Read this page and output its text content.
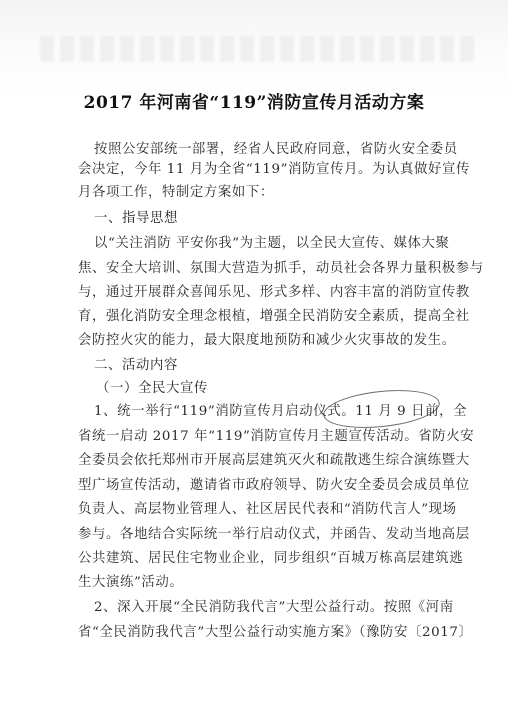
2017 年河南省“119”消防宣传月活动方案
按照公安部统一部署，经省人民政府同意，省防火安全委员
会决定，今年 11 月为全省“119”消防宣传月。为认真做好宣传
月各项工作，特制定方案如下：
一、指导思想
以“关注消防 平安你我”为主题，以全民大宣传、媒体大聚
焦、安全大培训、氛围大营造为抓手，动员社会各界力量积极参与
与，通过开展群众喜闻乐见、形式多样、内容丰富的消防宣传教
育，强化消防安全理念根植，增强全民消防安全素质，提高全社
会防控火灾的能力，最大限度地预防和减少火灾事故的发生。
二、活动内容
（一）全民大宣传
1、统一举行“119”消防宣传月启动仪式。11 月 9 日前，全
省统一启动 2017 年“119”消防宣传月主题宣传活动。省防火安
全委员会依托郑州市开展高层建筑灭火和疏散逃生综合演练暨大
型广场宣传活动，邀请省市政府领导、防火安全委员会成员单位
负责人、高层物业管理人、社区居民代表和“消防代言人”现场
参与。各地结合实际统一举行启动仪式，并函告、发动当地高层
公共建筑、居民住宅物业企业，同步组织“百城万栋高层建筑逃
生大演练”活动。
2、深入开展“全民消防我代言”大型公益行动。按照《河南
省“全民消防我代言”大型公益行动实施方案》（豫防安〔2017〕
